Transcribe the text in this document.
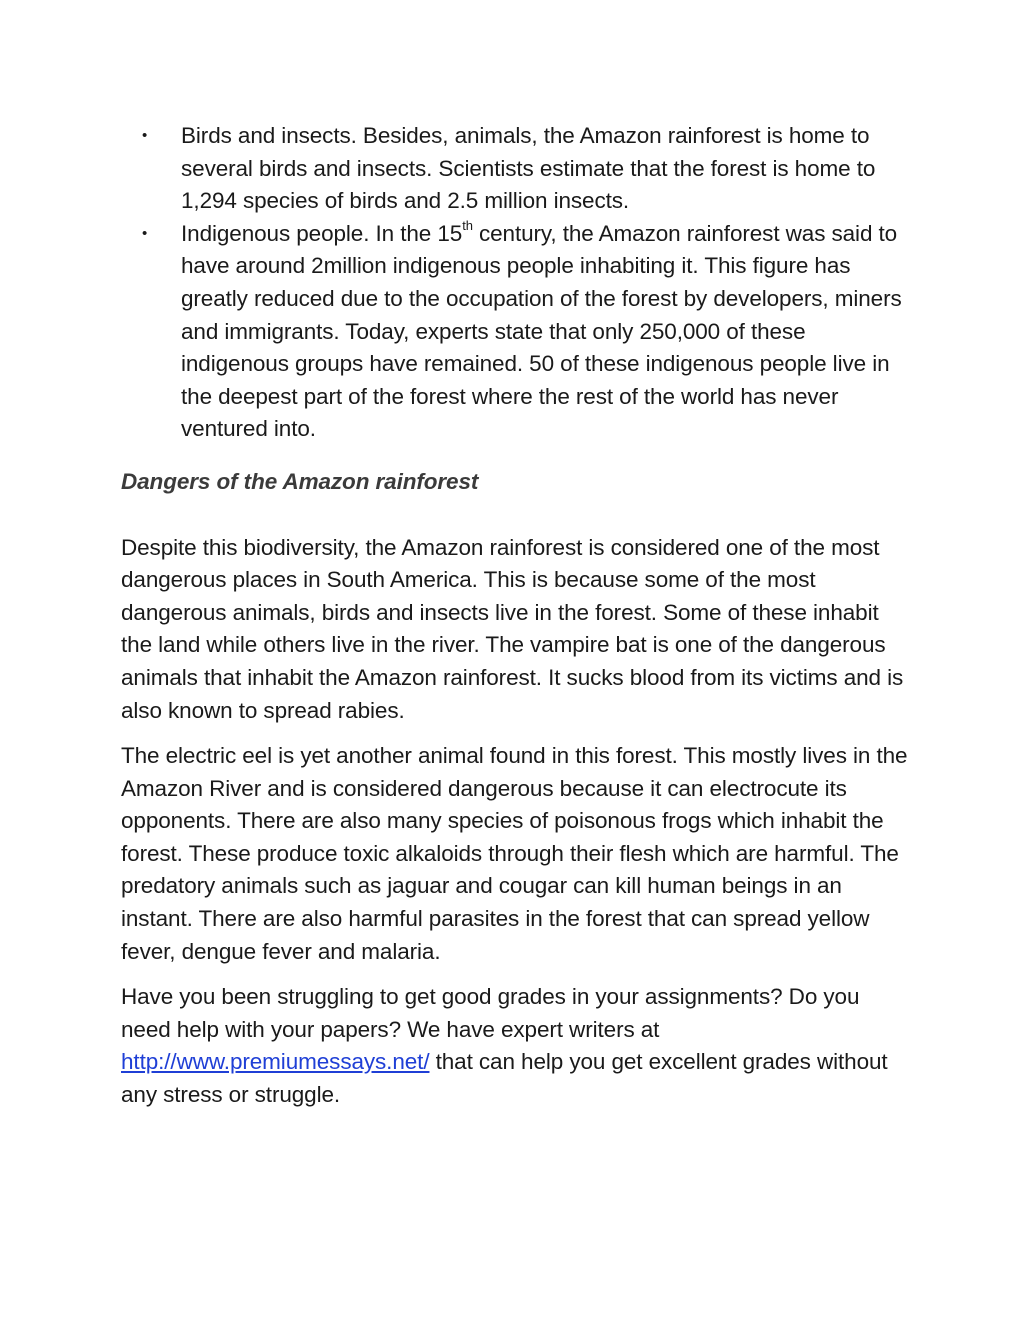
• Birds and insects. Besides, animals, the Amazon rainforest is home to several birds and insects. Scientists estimate that the forest is home to 1,294 species of birds and 2.5 million insects.
• Indigenous people. In the 15th century, the Amazon rainforest was said to have around 2million indigenous people inhabiting it. This figure has greatly reduced due to the occupation of the forest by developers, miners and immigrants. Today, experts state that only 250,000 of these indigenous groups have remained. 50 of these indigenous people live in the deepest part of the forest where the rest of the world has never ventured into.
Dangers of the Amazon rainforest

Despite this biodiversity, the Amazon rainforest is considered one of the most dangerous places in South America. This is because some of the most dangerous animals, birds and insects live in the forest. Some of these inhabit the land while others live in the river. The vampire bat is one of the dangerous animals that inhabit the Amazon rainforest. It sucks blood from its victims and is also known to spread rabies.

The electric eel is yet another animal found in this forest. This mostly lives in the Amazon River and is considered dangerous because it can electrocute its opponents. There are also many species of poisonous frogs which inhabit the forest. These produce toxic alkaloids through their flesh which are harmful. The predatory animals such as jaguar and cougar can kill human beings in an instant. There are also harmful parasites in the forest that can spread yellow fever, dengue fever and malaria.

Have you been struggling to get good grades in your assignments? Do you need help with your papers? We have expert writers at http://www.premiumessays.net/ that can help you get excellent grades without any stress or struggle.
